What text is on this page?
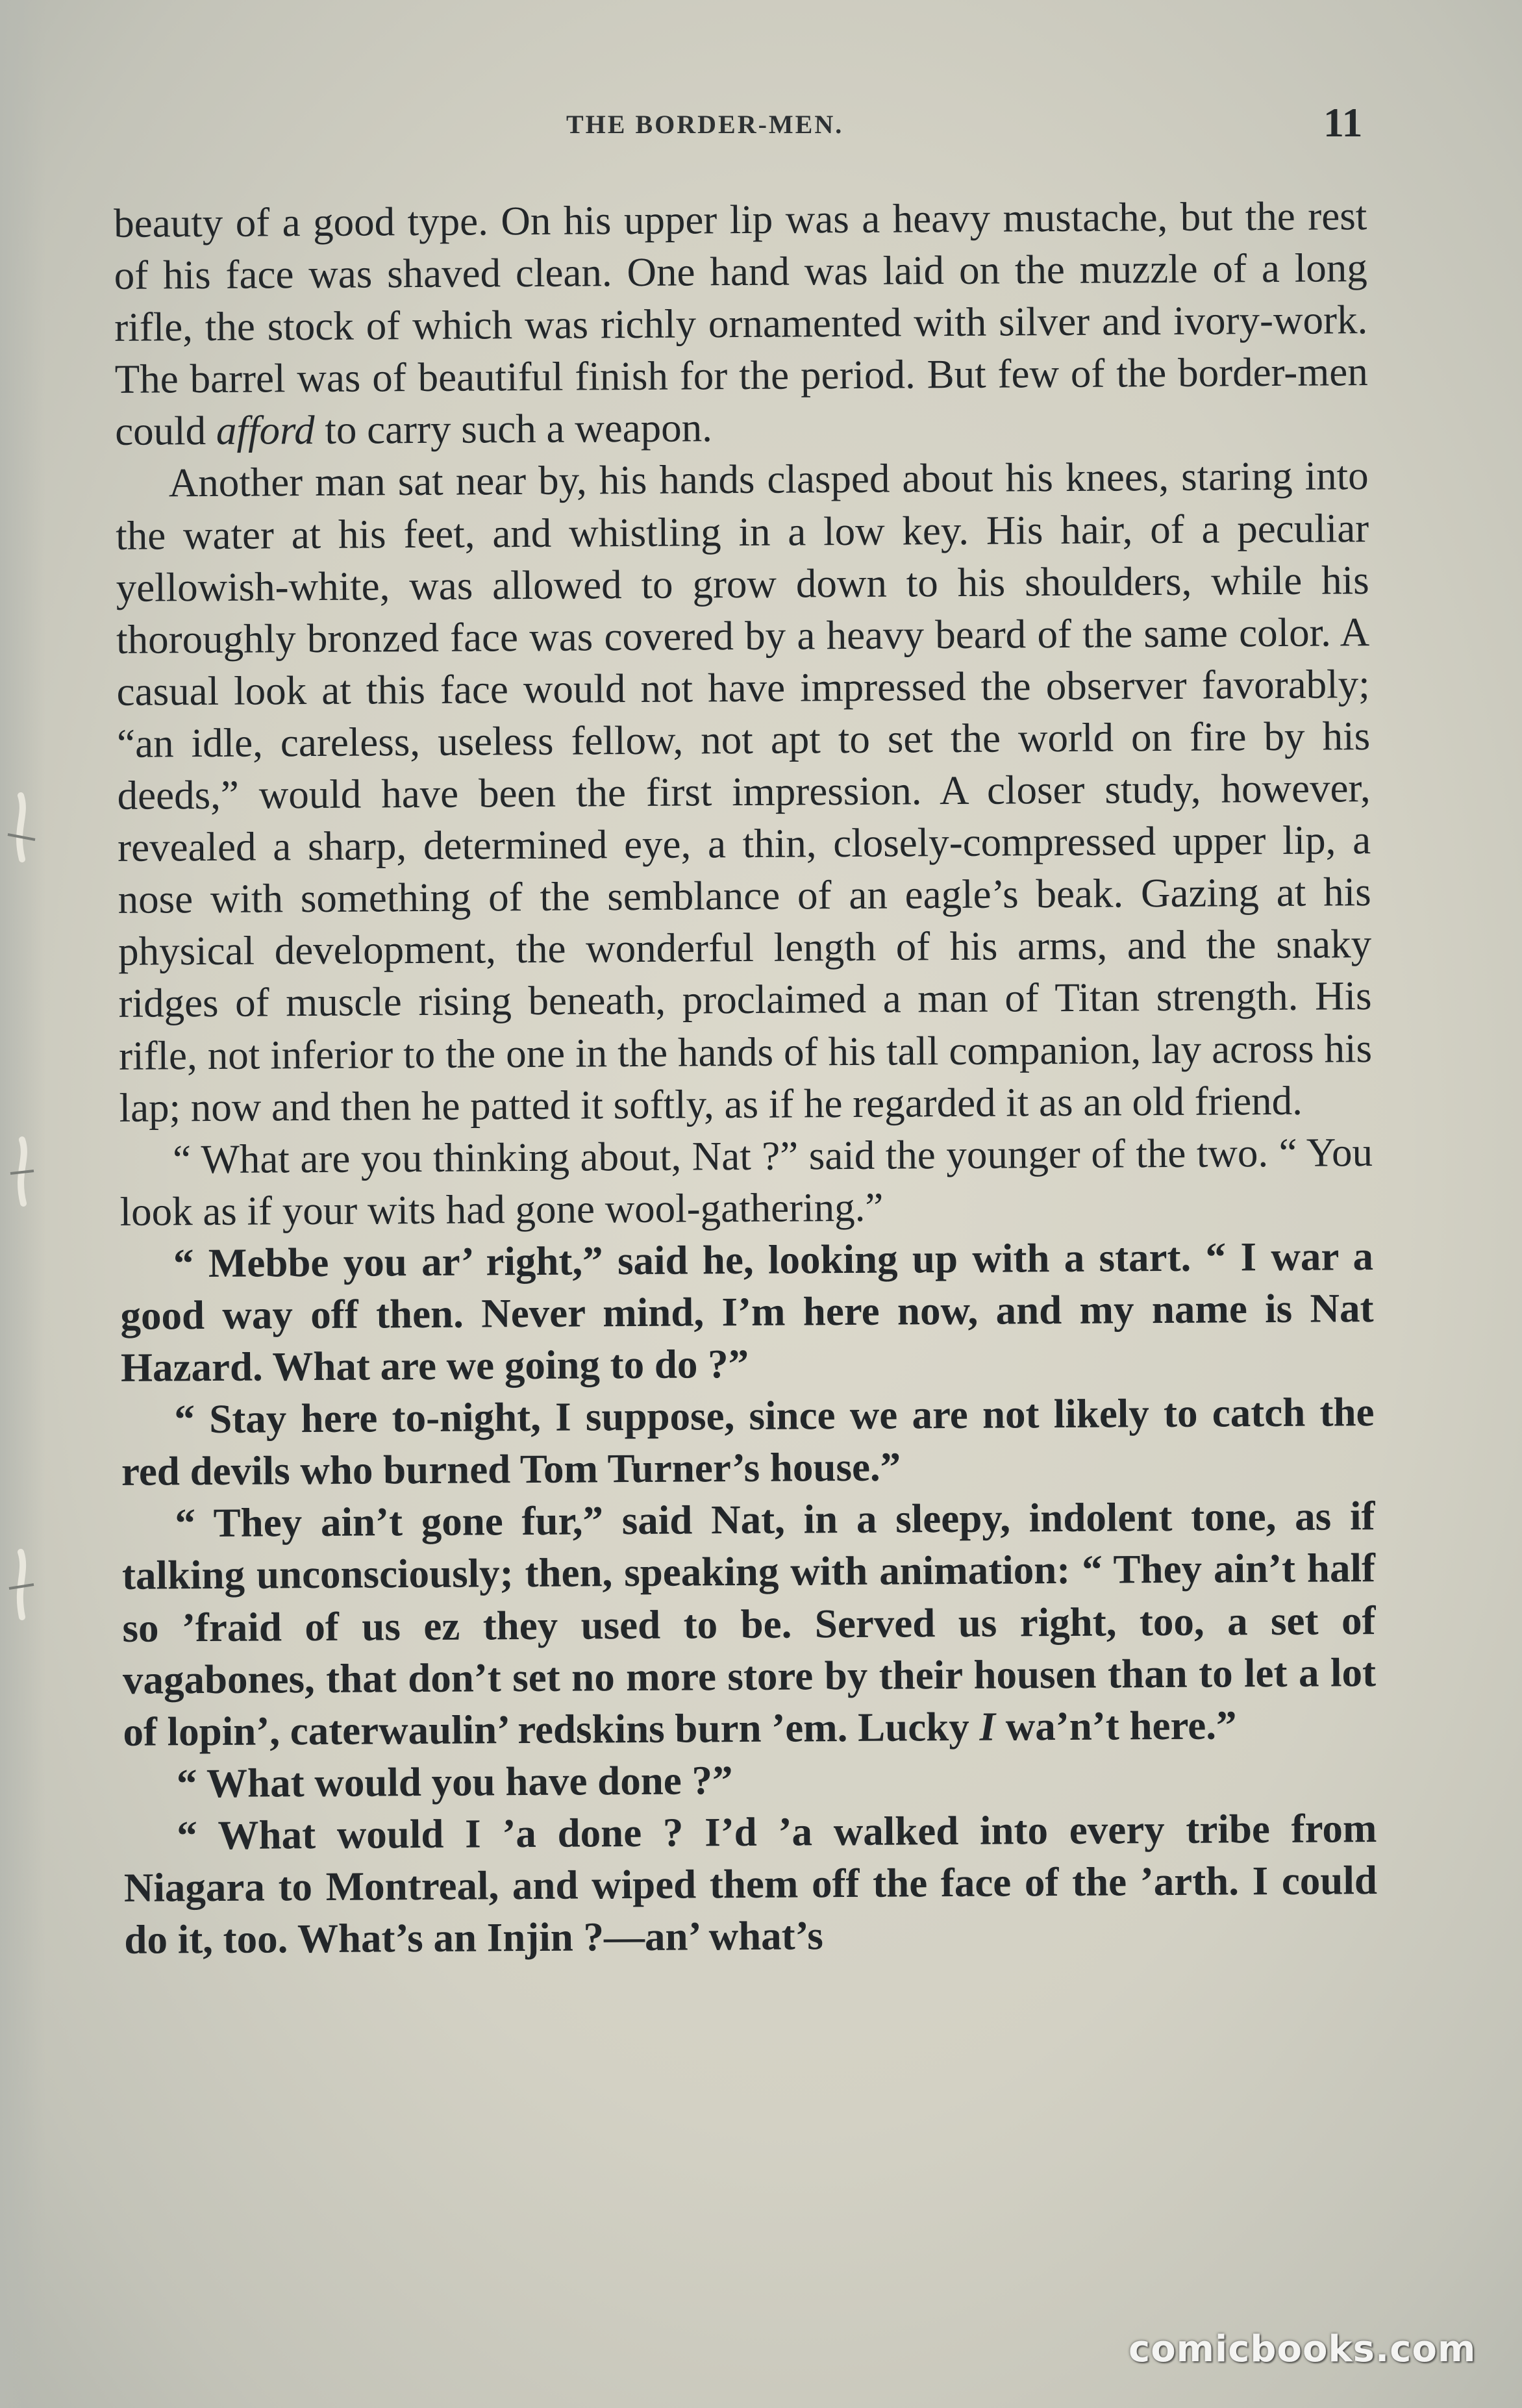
THE BORDER-MEN.	11

beauty of a good type. On his upper lip was a heavy mustache, but the rest of his face was shaved clean. One hand was laid on the muzzle of a long rifle, the stock of which was richly ornamented with silver and ivory-work. The barrel was of beautiful finish for the period. But few of the border-men could afford to carry such a weapon.

Another man sat near by, his hands clasped about his knees, staring into the water at his feet, and whistling in a low key. His hair, of a peculiar yellowish-white, was allowed to grow down to his shoulders, while his thoroughly bronzed face was covered by a heavy beard of the same color. A casual look at this face would not have impressed the observer favorably; “an idle, careless, useless fellow, not apt to set the world on fire by his deeds,” would have been the first impression. A closer study, however, revealed a sharp, determined eye, a thin, closely-compressed upper lip, a nose with something of the semblance of an eagle’s beak. Gazing at his physical development, the wonderful length of his arms, and the snaky ridges of muscle rising beneath, proclaimed a man of Titan strength. His rifle, not inferior to the one in the hands of his tall companion, lay across his lap; now and then he patted it softly, as if he regarded it as an old friend.

“ What are you thinking about, Nat ?” said the younger of the two. “ You look as if your wits had gone wool-gathering.”

“ Mebbe you ar’ right,” said he, looking up with a start. “ I war a good way off then. Never mind, I’m here now, and my name is Nat Hazard. What are we going to do ?”

“ Stay here to-night, I suppose, since we are not likely to catch the red devils who burned Tom Turner’s house.”

“ They ain’t gone fur,” said Nat, in a sleepy, indolent tone, as if talking unconsciously; then, speaking with animation: “ They ain’t half so ’fraid of us ez they used to be. Served us right, too, a set of vagabones, that don’t set no more store by their housen than to let a lot of lopin’, caterwaulin’ redskins burn ’em. Lucky I wa’n’t here.”

“ What would you have done ?”

“ What would I ’a done ? I’d ’a walked into every tribe from Niagara to Montreal, and wiped them off the face of the ’arth. I could do it, too. What’s an Injin ?—an’ what’s

comicbooks.com
